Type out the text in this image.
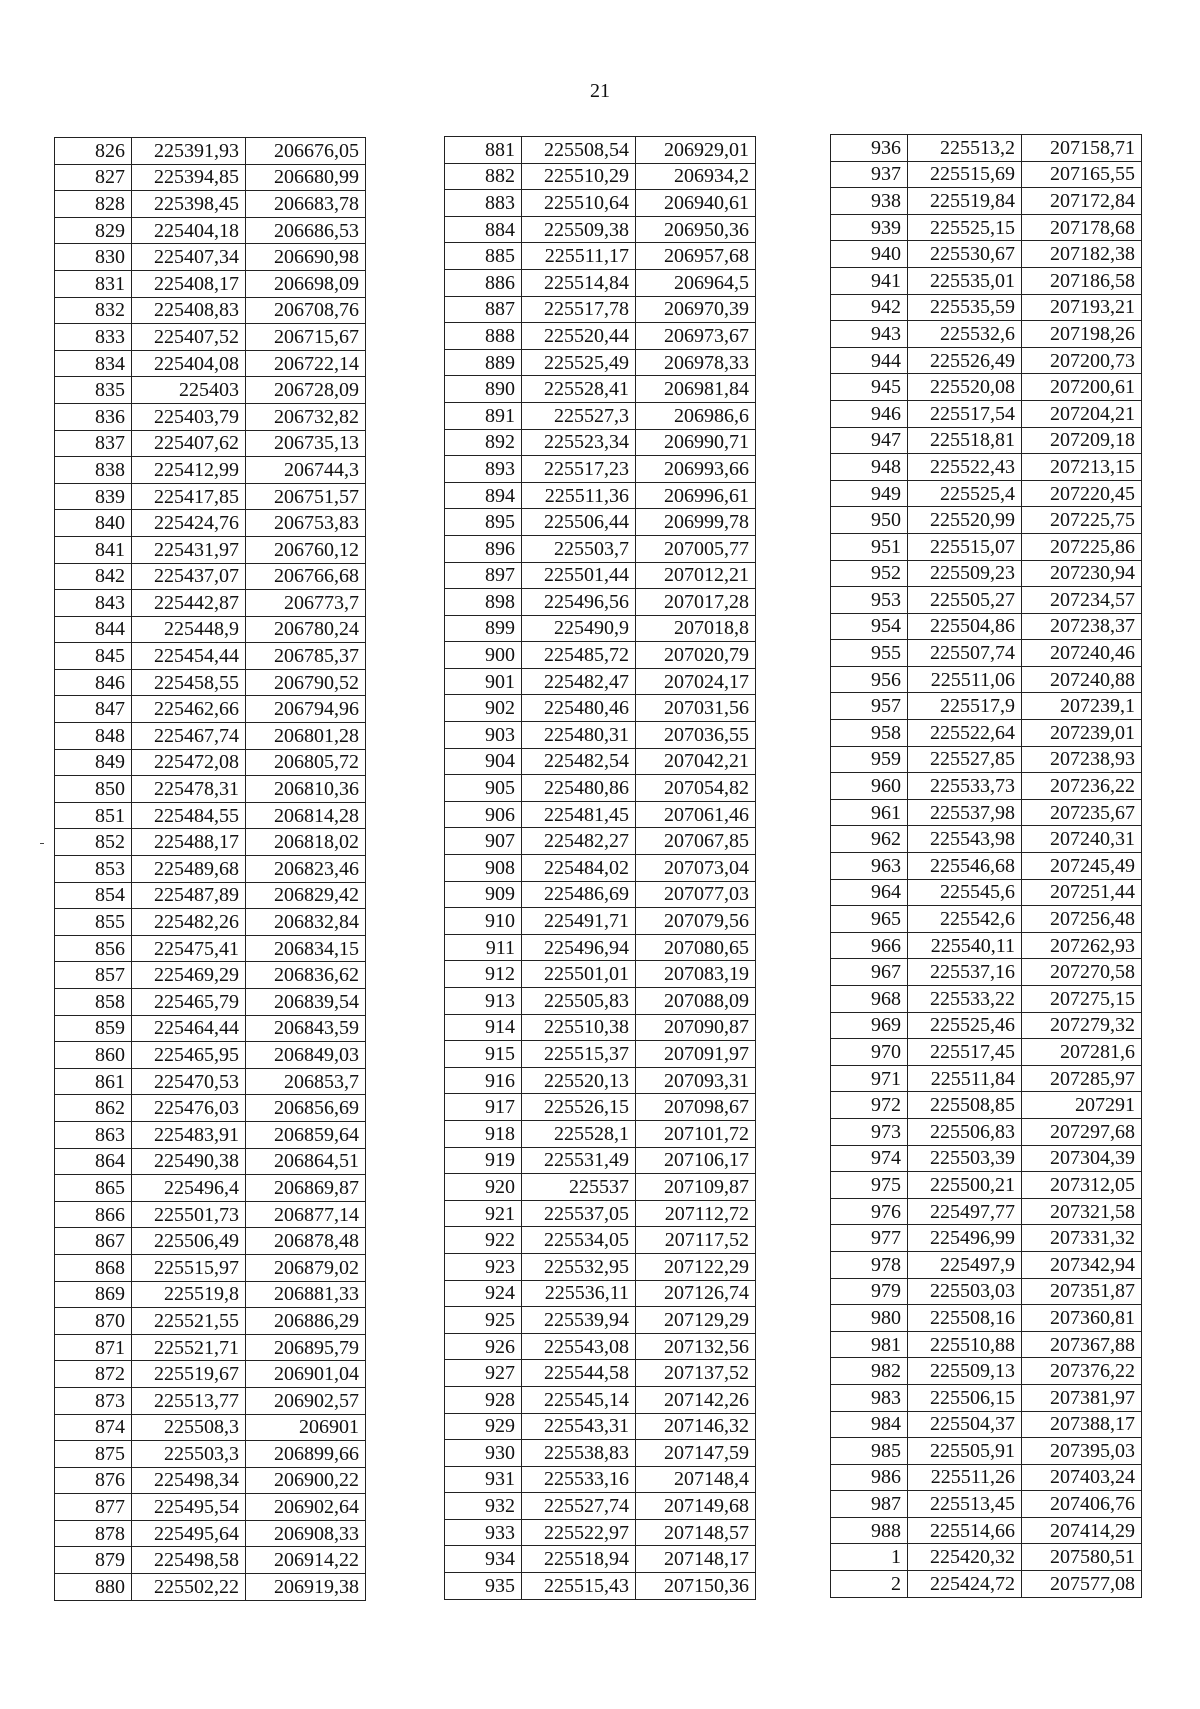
21
826	225391,93	206676,05
827	225394,85	206680,99
828	225398,45	206683,78
829	225404,18	206686,53
830	225407,34	206690,98
831	225408,17	206698,09
832	225408,83	206708,76
833	225407,52	206715,67
834	225404,08	206722,14
835	225403	206728,09
836	225403,79	206732,82
837	225407,62	206735,13
838	225412,99	206744,3
839	225417,85	206751,57
840	225424,76	206753,83
841	225431,97	206760,12
842	225437,07	206766,68
843	225442,87	206773,7
844	225448,9	206780,24
845	225454,44	206785,37
846	225458,55	206790,52
847	225462,66	206794,96
848	225467,74	206801,28
849	225472,08	206805,72
850	225478,31	206810,36
851	225484,55	206814,28
852	225488,17	206818,02
853	225489,68	206823,46
854	225487,89	206829,42
855	225482,26	206832,84
856	225475,41	206834,15
857	225469,29	206836,62
858	225465,79	206839,54
859	225464,44	206843,59
860	225465,95	206849,03
861	225470,53	206853,7
862	225476,03	206856,69
863	225483,91	206859,64
864	225490,38	206864,51
865	225496,4	206869,87
866	225501,73	206877,14
867	225506,49	206878,48
868	225515,97	206879,02
869	225519,8	206881,33
870	225521,55	206886,29
871	225521,71	206895,79
872	225519,67	206901,04
873	225513,77	206902,57
874	225508,3	206901
875	225503,3	206899,66
876	225498,34	206900,22
877	225495,54	206902,64
878	225495,64	206908,33
879	225498,58	206914,22
880	225502,22	206919,38
881	225508,54	206929,01
882	225510,29	206934,2
883	225510,64	206940,61
884	225509,38	206950,36
885	225511,17	206957,68
886	225514,84	206964,5
887	225517,78	206970,39
888	225520,44	206973,67
889	225525,49	206978,33
890	225528,41	206981,84
891	225527,3	206986,6
892	225523,34	206990,71
893	225517,23	206993,66
894	225511,36	206996,61
895	225506,44	206999,78
896	225503,7	207005,77
897	225501,44	207012,21
898	225496,56	207017,28
899	225490,9	207018,8
900	225485,72	207020,79
901	225482,47	207024,17
902	225480,46	207031,56
903	225480,31	207036,55
904	225482,54	207042,21
905	225480,86	207054,82
906	225481,45	207061,46
907	225482,27	207067,85
908	225484,02	207073,04
909	225486,69	207077,03
910	225491,71	207079,56
911	225496,94	207080,65
912	225501,01	207083,19
913	225505,83	207088,09
914	225510,38	207090,87
915	225515,37	207091,97
916	225520,13	207093,31
917	225526,15	207098,67
918	225528,1	207101,72
919	225531,49	207106,17
920	225537	207109,87
921	225537,05	207112,72
922	225534,05	207117,52
923	225532,95	207122,29
924	225536,11	207126,74
925	225539,94	207129,29
926	225543,08	207132,56
927	225544,58	207137,52
928	225545,14	207142,26
929	225543,31	207146,32
930	225538,83	207147,59
931	225533,16	207148,4
932	225527,74	207149,68
933	225522,97	207148,57
934	225518,94	207148,17
935	225515,43	207150,36
936	225513,2	207158,71
937	225515,69	207165,55
938	225519,84	207172,84
939	225525,15	207178,68
940	225530,67	207182,38
941	225535,01	207186,58
942	225535,59	207193,21
943	225532,6	207198,26
944	225526,49	207200,73
945	225520,08	207200,61
946	225517,54	207204,21
947	225518,81	207209,18
948	225522,43	207213,15
949	225525,4	207220,45
950	225520,99	207225,75
951	225515,07	207225,86
952	225509,23	207230,94
953	225505,27	207234,57
954	225504,86	207238,37
955	225507,74	207240,46
956	225511,06	207240,88
957	225517,9	207239,1
958	225522,64	207239,01
959	225527,85	207238,93
960	225533,73	207236,22
961	225537,98	207235,67
962	225543,98	207240,31
963	225546,68	207245,49
964	225545,6	207251,44
965	225542,6	207256,48
966	225540,11	207262,93
967	225537,16	207270,58
968	225533,22	207275,15
969	225525,46	207279,32
970	225517,45	207281,6
971	225511,84	207285,97
972	225508,85	207291
973	225506,83	207297,68
974	225503,39	207304,39
975	225500,21	207312,05
976	225497,77	207321,58
977	225496,99	207331,32
978	225497,9	207342,94
979	225503,03	207351,87
980	225508,16	207360,81
981	225510,88	207367,88
982	225509,13	207376,22
983	225506,15	207381,97
984	225504,37	207388,17
985	225505,91	207395,03
986	225511,26	207403,24
987	225513,45	207406,76
988	225514,66	207414,29
1	225420,32	207580,51
2	225424,72	207577,08
